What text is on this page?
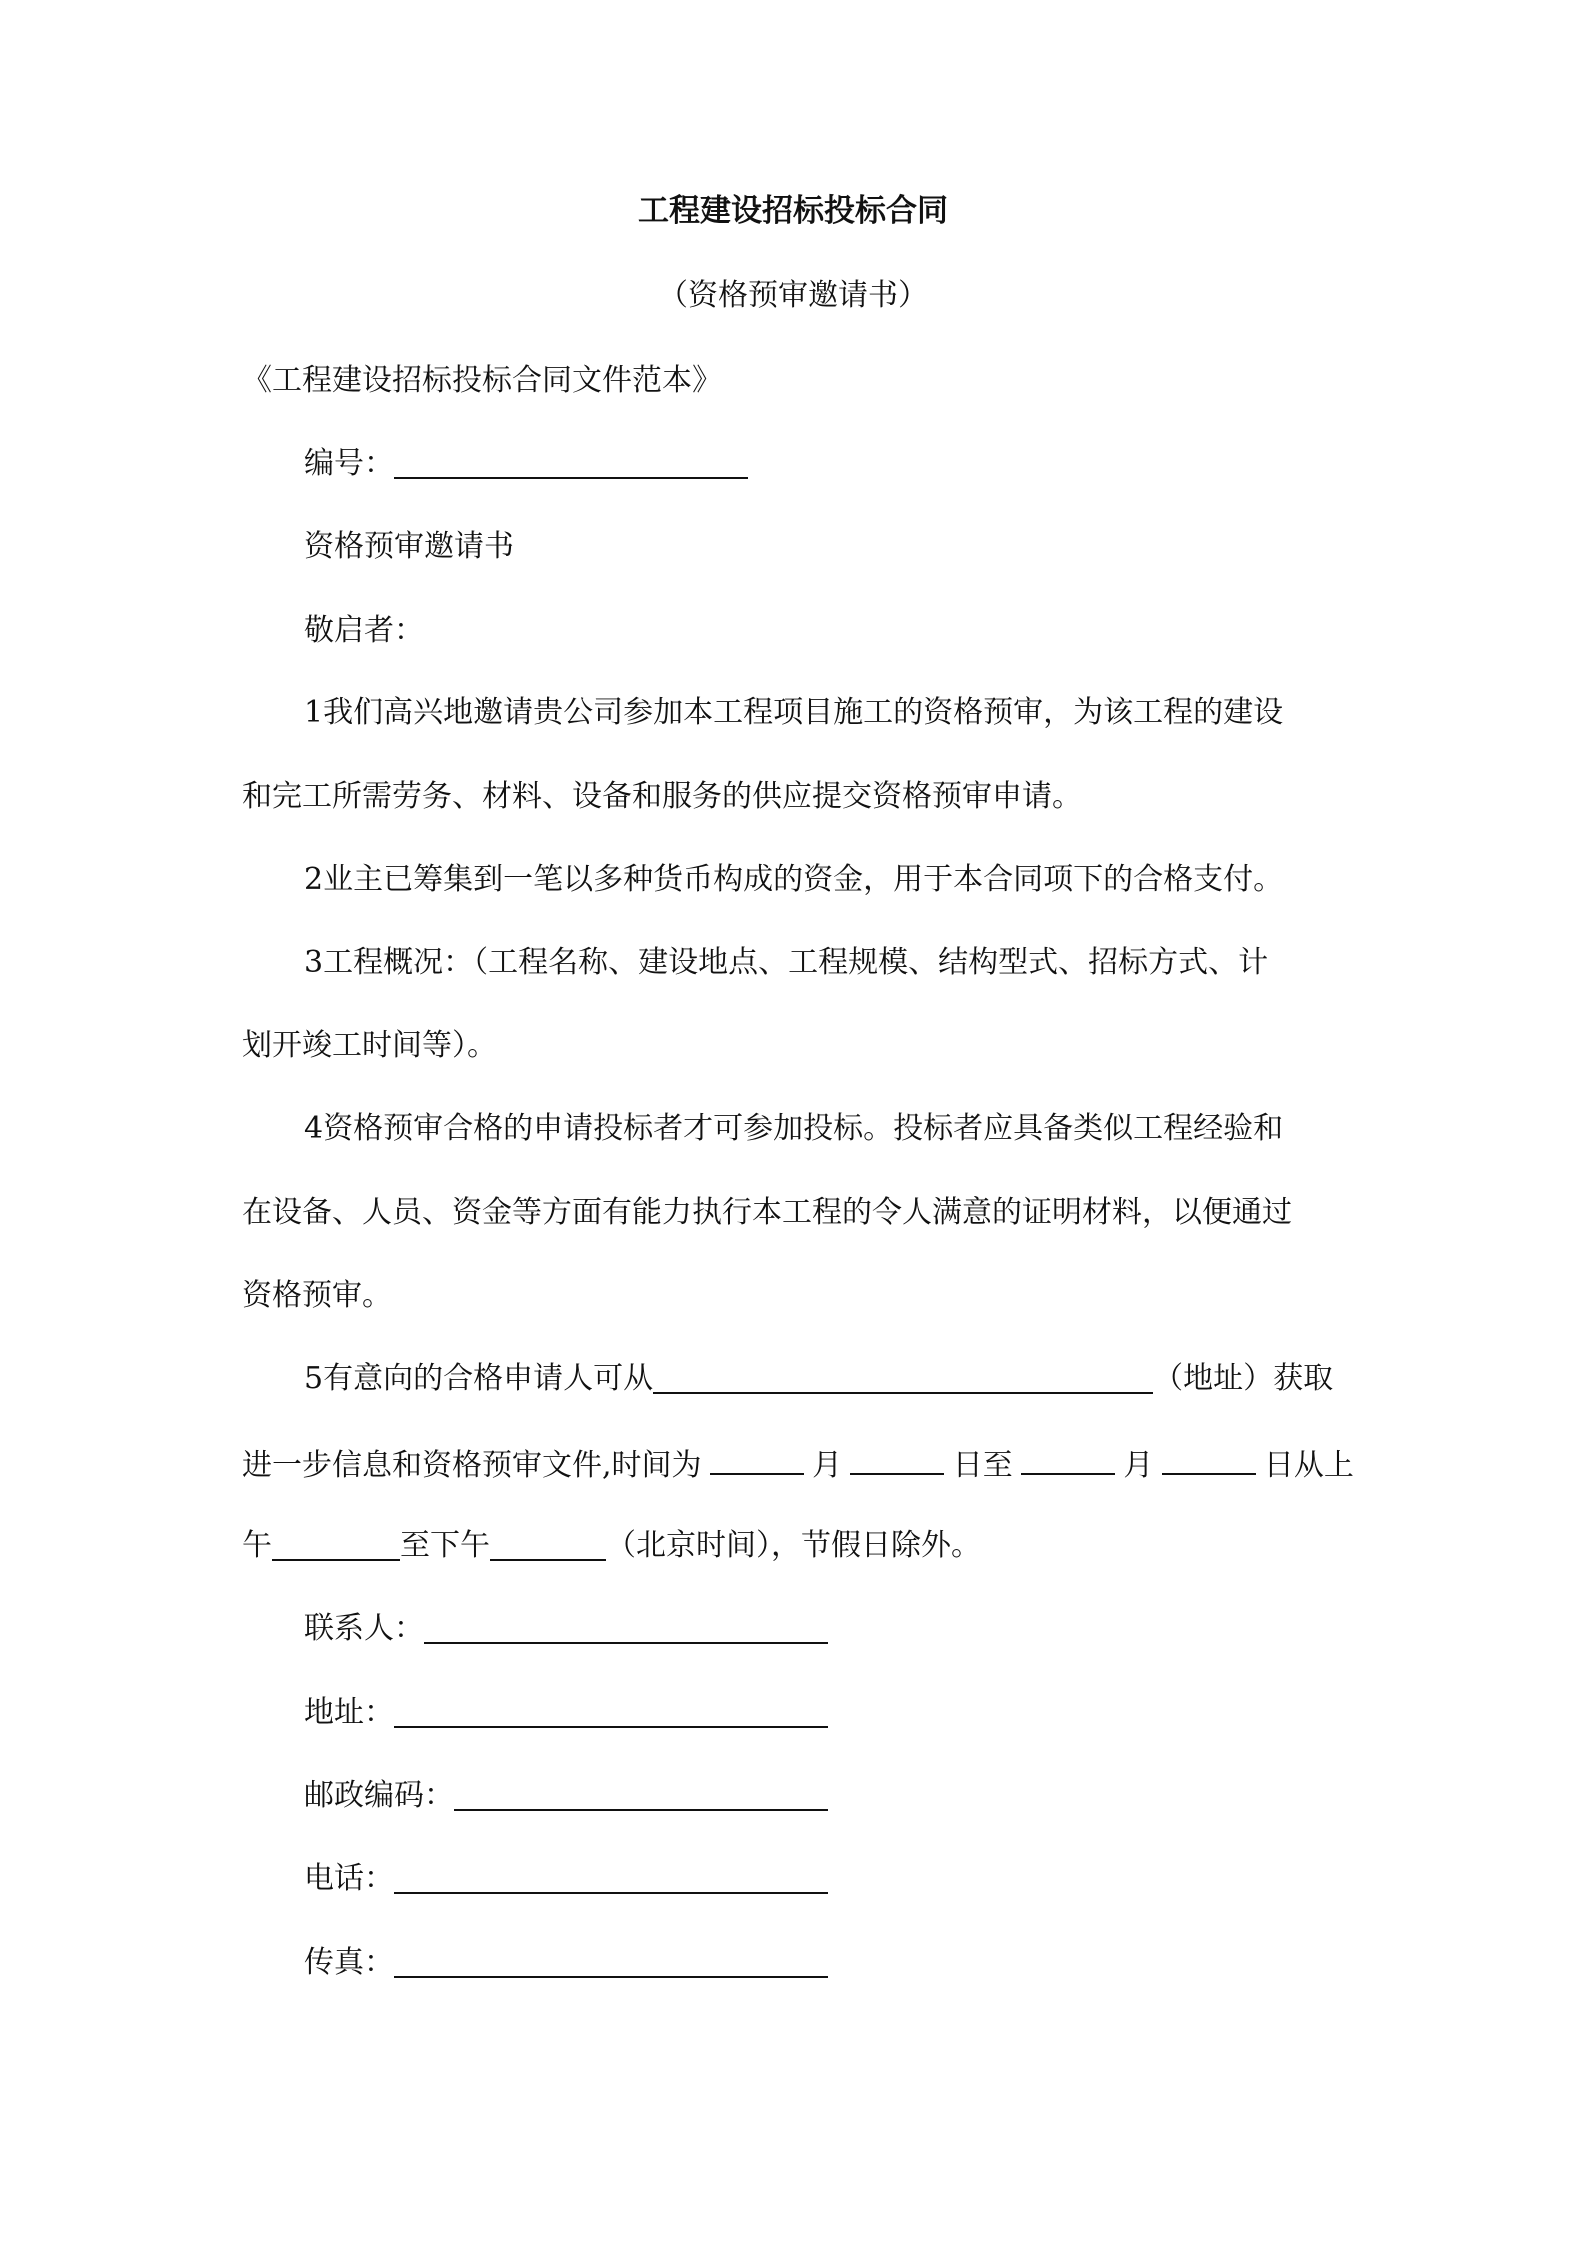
工程建设招标投标合同
（资格预审邀请书）
《工程建设招标投标合同文件范本》
编号：
资格预审邀请书
敬启者：
1我们高兴地邀请贵公司参加本工程项目施工的资格预审，为该工程的建设
和完工所需劳务、材料、设备和服务的供应提交资格预审申请。
2业主已筹集到一笔以多种货币构成的资金，用于本合同项下的合格支付。
3工程概况：（工程名称、建设地点、工程规模、结构型式、招标方式、计
划开竣工时间等）。
4资格预审合格的申请投标者才可参加投标。投标者应具备类似工程经验和
在设备、人员、资金等方面有能力执行本工程的令人满意的证明材料，以便通过
资格预审。
5有意向的合格申请人可从	（地址）获取
进一步信息和资格预审文件,时间为	月	日至	月	日从上
午	至下午	（北京时间），节假日除外。
联系人：
地址：
邮政编码：
电话：
传真：
